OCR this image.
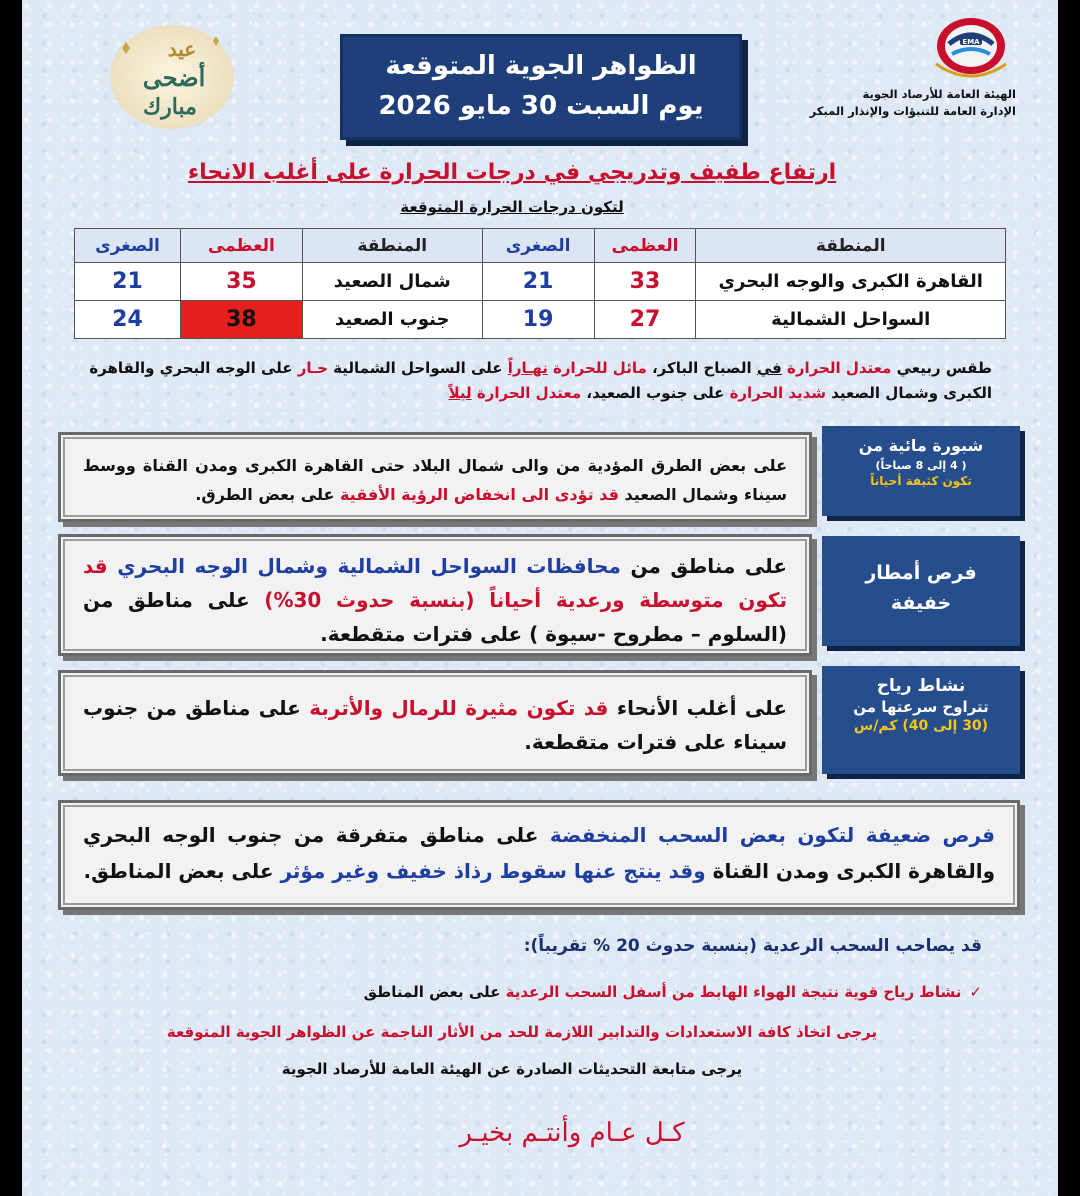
عيد
أضحى
مبارك
الظواهر الجوية المتوقعة
يوم السبت 30 مايو 2026
EMA
الهيئة العامة للأرصاد الجوية
الإدارة العامة للتنبؤات والإنذار المبكر
ارتفاع طفيف وتدريجي في درجات الحرارة على أغلب الانحاء
لتكون درجات الحرارة المتوقعة
المنطقة	العظمى	الصغرى	المنطقة	العظمى	الصغرى
القاهرة الكبرى والوجه البحري	33	21	شمال الصعيد	35	21
السواحل الشمالية	27	19	جنوب الصعيد	38	24
طقس ربيعي معتدل الحرارة في الصباح الباكر، مائل للحرارة نهـاراً على السواحل الشمالية حـار على الوجه البحري والقاهرة الكبرى وشمال الصعيد شديد الحرارة على جنوب الصعيد، معتدل الحرارة ليلاً
شبورة مائية من
( 4 إلى 8 صباحاً)
تكون كثيفة أحياناً
على بعض الطرق المؤدية من والى شمال البلاد حتى القاهرة الكبرى ومدن القناة ووسط سيناء وشمال الصعيد قد تؤدى الى انخفاض الرؤية الأفقية على بعض الطرق.
فرص أمطار
خفيفة
على مناطق من محافظات السواحل الشمالية وشمال الوجه البحري قد تكون متوسطة ورعدية أحياناً (بنسبة حدوث 30%) على مناطق من (السلوم – مطروح -سيوة ) على فترات متقطعة.
نشاط رياح
تتراوح سرعتها من
(30 إلى 40) كم/س
على أغلب الأنحاء قد تكون مثيرة للرمال والأتربة على مناطق من جنوب سيناء على فترات متقطعة.
فرص ضعيفة لتكون بعض السحب المنخفضة على مناطق متفرقة من جنوب الوجه البحري والقاهرة الكبرى ومدن القناة وقد ينتج عنها سقوط رذاذ خفيف وغير مؤثر على بعض المناطق.
قد يصاحب السحب الرعدية (بنسبة حدوث 20 % تقريباً):
✓نشاط رياح قوية نتيجة الهواء الهابط من أسفل السحب الرعدية على بعض المناطق
يرجى اتخاذ كافة الاستعدادات والتدابير اللازمة للحد من الأثار الناجمة عن الظواهر الجوية المتوقعة
يرجى متابعة التحديثات الصادرة عن الهيئة العامة للأرصاد الجوية
كـل عـام وأنتـم بخيـر
